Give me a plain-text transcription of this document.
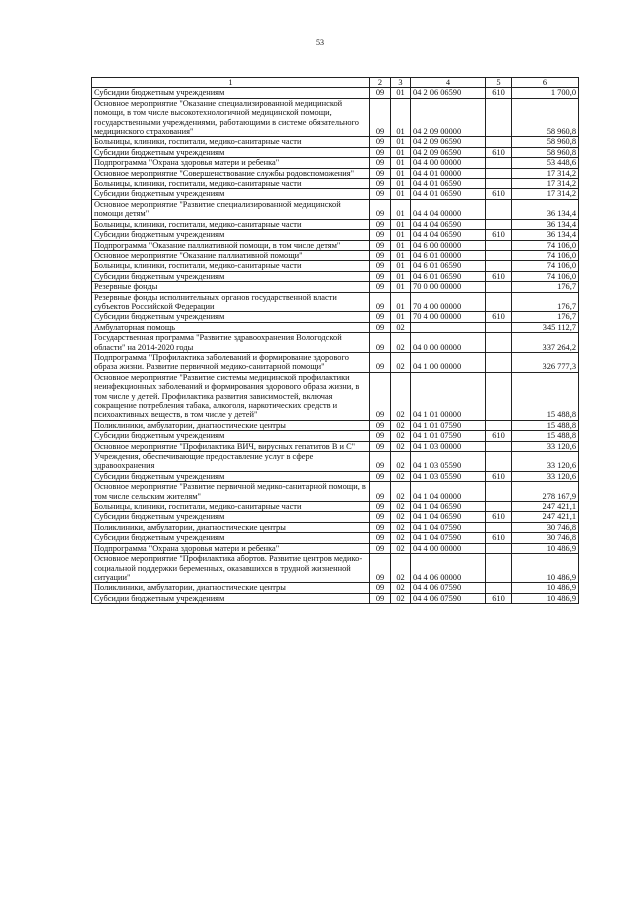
53
1	2	3	4	5	6
Субсидии бюджетным учреждениям	09	01	04 2 06 06590	610	1 700,0
Основное мероприятие "Оказание специализированной медицинской помощи, в том числе высокотехнологичной медицинской помощи, государственными учреждениями, работающими в системе обязательного медицинского страхования"	09	01	04 2 09 00000		58 960,8
Больницы, клиники, госпитали, медико-санитарные части	09	01	04 2 09 06590		58 960,8
Субсидии бюджетным учреждениям	09	01	04 2 09 06590	610	58 960,8
Подпрограмма "Охрана здоровья матери и ребенка"	09	01	04 4 00 00000		53 448,6
Основное мероприятие "Совершенствование службы родовспоможения"	09	01	04 4 01 00000		17 314,2
Больницы, клиники, госпитали, медико-санитарные части	09	01	04 4 01 06590		17 314,2
Субсидии бюджетным учреждениям	09	01	04 4 01 06590	610	17 314,2
Основное мероприятие "Развитие специализированной медицинской помощи детям"	09	01	04 4 04 00000		36 134,4
Больницы, клиники, госпитали, медико-санитарные части	09	01	04 4 04 06590		36 134,4
Субсидии бюджетным учреждениям	09	01	04 4 04 06590	610	36 134,4
Подпрограмма "Оказание паллиативной помощи, в том числе детям"	09	01	04 6 00 00000		74 106,0
Основное мероприятие "Оказание паллиативной помощи"	09	01	04 6 01 00000		74 106,0
Больницы, клиники, госпитали, медико-санитарные части	09	01	04 6 01 06590		74 106,0
Субсидии бюджетным учреждениям	09	01	04 6 01 06590	610	74 106,0
Резервные фонды	09	01	70 0 00 00000		176,7
Резервные фонды исполнительных органов государственной власти субъектов Российской Федерации	09	01	70 4 00 00000		176,7
Субсидии бюджетным учреждениям	09	01	70 4 00 00000	610	176,7
Амбулаторная помощь	09	02			345 112,7
Государственная программа "Развитие здравоохранения Вологодской области" на 2014-2020 годы	09	02	04 0 00 00000		337 264,2
Подпрограмма "Профилактика заболеваний и формирование здорового образа жизни. Развитие первичной медико-санитарной помощи"	09	02	04 1 00 00000		326 777,3
Основное мероприятие "Развитие системы медицинской профилактики неинфекционных заболеваний и формирования здорового образа жизни, в том числе у детей. Профилактика развития зависимостей, включая сокращение потребления табака, алкоголя, наркотических средств и психоактивных веществ, в том числе у детей"	09	02	04 1 01 00000		15 488,8
Поликлиники, амбулатории, диагностические центры	09	02	04 1 01 07590		15 488,8
Субсидии бюджетным учреждениям	09	02	04 1 01 07590	610	15 488,8
Основное мероприятие "Профилактика ВИЧ, вирусных гепатитов В и С"	09	02	04 1 03 00000		33 120,6
Учреждения, обеспечивающие предоставление услуг в сфере здравоохранения	09	02	04 1 03 05590		33 120,6
Субсидии бюджетным учреждениям	09	02	04 1 03 05590	610	33 120,6
Основное мероприятие "Развитие первичной медико-санитарной помощи, в том числе сельским жителям"	09	02	04 1 04 00000		278 167,9
Больницы, клиники, госпитали, медико-санитарные части	09	02	04 1 04 06590		247 421,1
Субсидии бюджетным учреждениям	09	02	04 1 04 06590	610	247 421,1
Поликлиники, амбулатории, диагностические центры	09	02	04 1 04 07590		30 746,8
Субсидии бюджетным учреждениям	09	02	04 1 04 07590	610	30 746,8
Подпрограмма "Охрана здоровья матери и ребенка"	09	02	04 4 00 00000		10 486,9
Основное мероприятие "Профилактика абортов. Развитие центров медико-социальной поддержки беременных, оказавшихся в трудной жизненной ситуации"	09	02	04 4 06 00000		10 486,9
Поликлиники, амбулатории, диагностические центры	09	02	04 4 06 07590		10 486,9
Субсидии бюджетным учреждениям	09	02	04 4 06 07590	610	10 486,9
